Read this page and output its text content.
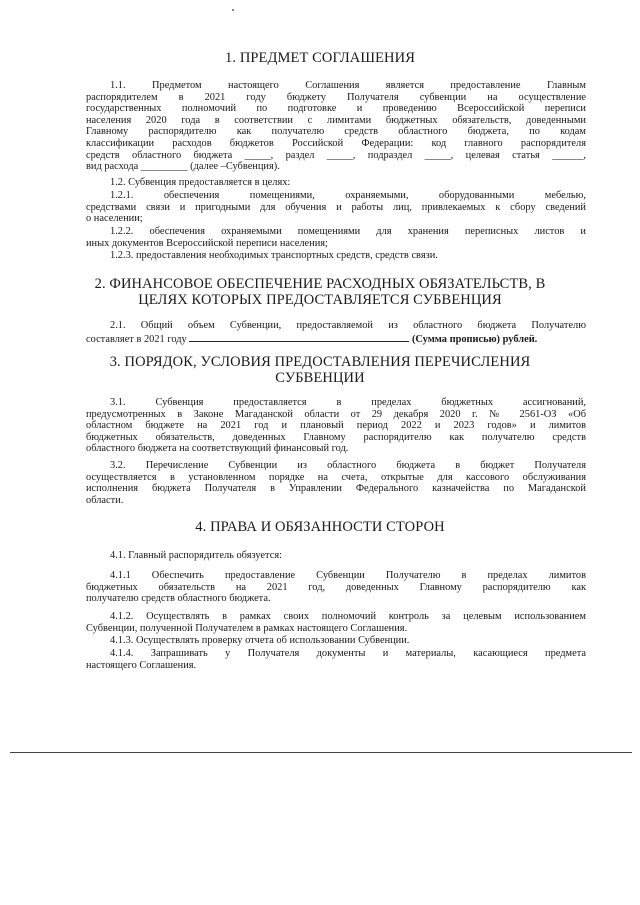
1. ПРЕДМЕТ СОГЛАШЕНИЯ
1.1. Предметом настоящего Соглашения является предоставление Главным
распорядителем в 2021 году бюджету Получателя субвенции на осуществление
государственных полномочий по подготовке и проведению Всероссийской переписи
населения 2020 года в соответствии с лимитами бюджетных обязательств, доведенными
Главному распорядителю как получателю средств областного бюджета, по кодам
классификации расходов бюджетов Российской Федерации: код главного распорядителя
средств областного бюджета _____, раздел _____, подраздел _____, целевая статья ______,
вид расхода _________ (далее –Субвенция).
1.2. Субвенция предоставляется в целях:
1.2.1. обеспечения помещениями, охраняемыми, оборудованными мебелью,
средствами связи и пригодными для обучения и работы лиц, привлекаемых к сбору сведений
о населении;
1.2.2. обеспечения охраняемыми помещениями для хранения переписных листов и
иных документов Всероссийской переписи населения;
1.2.3. предоставления необходимых транспортных средств, средств связи.
2. ФИНАНСОВОЕ ОБЕСПЕЧЕНИЕ РАСХОДНЫХ ОБЯЗАТЕЛЬСТВ, В
ЦЕЛЯХ КОТОРЫХ ПРЕДОСТАВЛЯЕТСЯ СУБВЕНЦИЯ
2.1. Общий объем Субвенции, предоставляемой из областного бюджета Получателю
составляет в 2021 году	(Сумма прописью) рублей.
3. ПОРЯДОК, УСЛОВИЯ ПРЕДОСТАВЛЕНИЯ ПЕРЕЧИСЛЕНИЯ
СУБВЕНЦИИ
3.1. Субвенция предоставляется в пределах бюджетных ассигнований,
предусмотренных в Законе Магаданской области от 29 декабря 2020 г. № 2561-ОЗ «Об
областном бюджете на 2021 год и плановый период 2022 и 2023 годов» и лимитов
бюджетных обязательств, доведенных Главному распорядителю как получателю средств
областного бюджета на соответствующий финансовый год.
3.2. Перечисление Субвенции из областного бюджета в бюджет Получателя
осуществляется в установленном порядке на счета, открытые для кассового обслуживания
исполнения бюджета Получателя в Управлении Федерального казначейства по Магаданской
области.
4. ПРАВА И ОБЯЗАННОСТИ СТОРОН
4.1. Главный распорядитель обязуется:
4.1.1 Обеспечить предоставление Субвенции Получателю в пределах лимитов
бюджетных обязательств на 2021 год, доведенных Главному распорядителю как
получателю средств областного бюджета.
4.1.2. Осуществлять в рамках своих полномочий контроль за целевым использованием
Субвенции, полученной Получателем в рамках настоящего Соглашения.
4.1.3. Осуществлять проверку отчета об использовании Субвенции.
4.1.4. Запрашивать у Получателя документы и материалы, касающиеся предмета
настоящего Соглашения.
